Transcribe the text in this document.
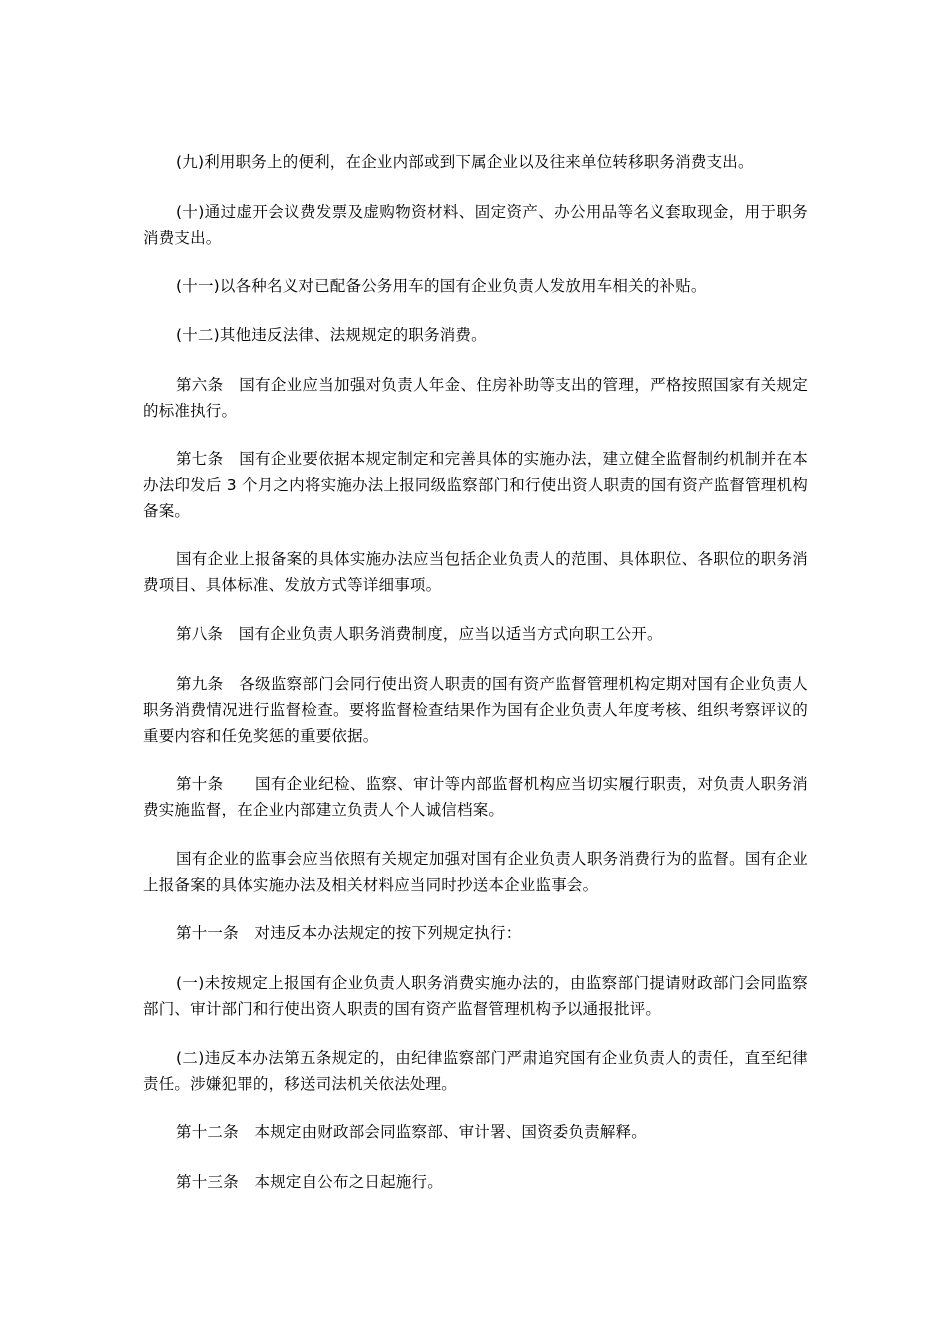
(九)利用职务上的便利，在企业内部或到下属企业以及往来单位转移职务消费支出。

(十)通过虚开会议费发票及虚购物资材料、固定资产、办公用品等名义套取现金，用于职务消费支出。

(十一)以各种名义对已配备公务用车的国有企业负责人发放用车相关的补贴。

(十二)其他违反法律、法规规定的职务消费。

第六条　国有企业应当加强对负责人年金、住房补助等支出的管理，严格按照国家有关规定的标准执行。

第七条　国有企业要依据本规定制定和完善具体的实施办法，建立健全监督制约机制并在本办法印发后 3 个月之内将实施办法上报同级监察部门和行使出资人职责的国有资产监督管理机构备案。

国有企业上报备案的具体实施办法应当包括企业负责人的范围、具体职位、各职位的职务消费项目、具体标准、发放方式等详细事项。

第八条　国有企业负责人职务消费制度，应当以适当方式向职工公开。

第九条　各级监察部门会同行使出资人职责的国有资产监督管理机构定期对国有企业负责人职务消费情况进行监督检查。要将监督检查结果作为国有企业负责人年度考核、组织考察评议的重要内容和任免奖惩的重要依据。

第十条　　国有企业纪检、监察、审计等内部监督机构应当切实履行职责，对负责人职务消费实施监督，在企业内部建立负责人个人诚信档案。

国有企业的监事会应当依照有关规定加强对国有企业负责人职务消费行为的监督。国有企业上报备案的具体实施办法及相关材料应当同时抄送本企业监事会。

第十一条　对违反本办法规定的按下列规定执行：

(一)未按规定上报国有企业负责人职务消费实施办法的，由监察部门提请财政部门会同监察部门、审计部门和行使出资人职责的国有资产监督管理机构予以通报批评。

(二)违反本办法第五条规定的，由纪律监察部门严肃追究国有企业负责人的责任，直至纪律责任。涉嫌犯罪的，移送司法机关依法处理。

第十二条　本规定由财政部会同监察部、审计署、国资委负责解释。

第十三条　本规定自公布之日起施行。
